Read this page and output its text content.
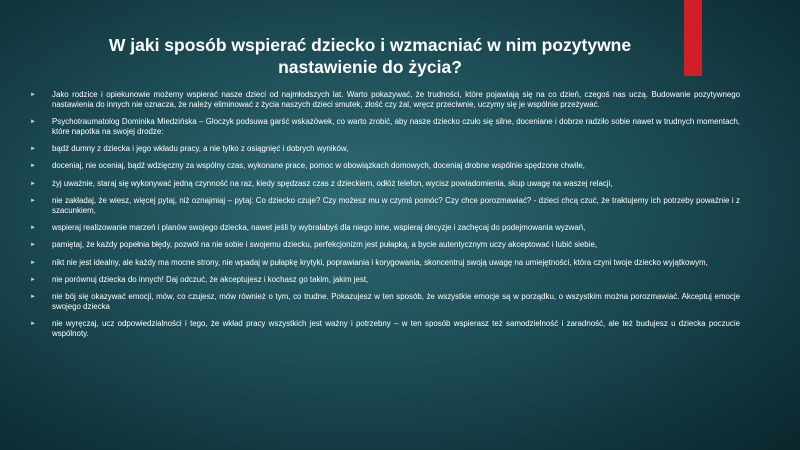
W jaki sposób wspierać dziecko i wzmacniać w nim pozytywne
nastawienie do życia?
► Jako rodzice i opiekunowie możemy wspierać nasze dzieci od najmłodszych lat. Warto pokazywać, że trudności, które pojawiają się na co dzień, czegoś nas uczą. Budowanie pozytywnego nastawienia do innych nie oznacza, że należy eliminować z życia naszych dzieci smutek, złość czy żal, wręcz przeciwnie, uczymy się je wspólnie przeżywać.
► Psychotraumatolog Dominika Miedzińska – Gloczyk podsuwa garść wskazówek, co warto zrobić, aby nasze dziecko czuło się silne, doceniane i dobrze radziło sobie nawet w trudnych momentach, które napotka na swojej drodze:
► bądź dumny z dziecka i jego wkładu pracy, a nie tylko z osiągnięć i dobrych wyników,
► doceniaj, nie oceniaj, bądź wdzięczny za wspólny czas, wykonane prace, pomoc w obowiązkach domowych, doceniaj drobne wspólnie spędzone chwile,
► żyj uważnie, staraj się wykonywać jedną czynność na raz, kiedy spędzasz czas z dzieckiem, odłóż telefon, wycisz powiadomienia, skup uwagę na waszej relacji,
► nie zakładaj, że wiesz, więcej pytaj, niż oznajmiaj – pytaj: Co dziecko czuje? Czy możesz mu w czymś pomóc? Czy chce porozmawiać? - dzieci chcą czuć, że traktujemy ich potrzeby poważnie i z szacunkiem,
► wspieraj realizowanie marzeń i planów swojego dziecka, nawet jeśli ty wybrałabyś dla niego inne, wspieraj decyzje i zachęcaj do podejmowania wyzwań,
► pamiętaj, że każdy popełnia błędy, pozwól na nie sobie i swojemu dziecku, perfekcjonizm jest pułapką, a bycie autentycznym uczy akceptować i lubić siebie,
► nikt nie jest idealny, ale każdy ma mocne strony, nie wpadaj w pułapkę krytyki, poprawiania i korygowania, skoncentruj swoją uwagę na umiejętności, która czyni twoje dziecko wyjątkowym,
► nie porównuj dziecka do innych! Daj odczuć, że akceptujesz i kochasz go takim, jakim jest,
► nie bój się okazywać emocji, mów, co czujesz, mów również o tym, co trudne. Pokazujesz w ten sposób, że wszystkie emocje są w porządku, o wszystkim można porozmawiać. Akceptuj emocje swojego dziecka
► nie wyręczaj, ucz odpowiedzialności i tego, że wkład pracy wszystkich jest ważny i potrzebny – w ten sposób wspierasz też samodzielność i zaradność, ale też budujesz u dziecka poczucie wspólnoty.
